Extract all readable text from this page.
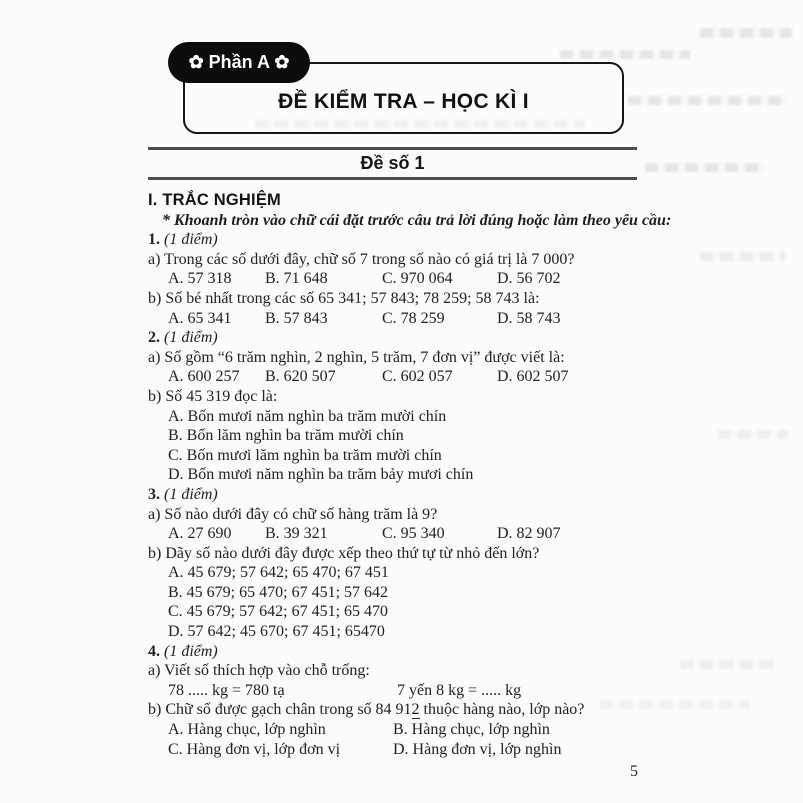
✿ Phần A ✿
ĐỀ KIỂM TRA – HỌC KÌ I
Đề số 1
I. TRẮC NGHIỆM
* Khoanh tròn vào chữ cái đặt trước câu trả lời đúng hoặc làm theo yêu cầu:
1. (1 điểm)
a) Trong các số dưới đây, chữ số 7 trong số nào có giá trị là 7 000?
A. 57 318 B. 71 648	C. 970 064	D. 56 702
b) Số bé nhất trong các số 65 341; 57 843; 78 259; 58 743 là:
A. 65 341 B. 57 843	C. 78 259	D. 58 743
2. (1 điểm)
a) Số gồm “6 trăm nghìn, 2 nghìn, 5 trăm, 7 đơn vị” được viết là:
A. 600 257 B. 620 507	C. 602 057	D. 602 507
b) Số 45 319 đọc là:
A. Bốn mươi năm nghìn ba trăm mười chín
B. Bốn lăm nghìn ba trăm mười chín
C. Bốn mươi lăm nghìn ba trăm mười chín
D. Bốn mươi năm nghìn ba trăm bảy mươi chín
3. (1 điểm)
a) Số nào dưới đây có chữ số hàng trăm là 9?
A. 27 690 B. 39 321	C. 95 340	D. 82 907
b) Dãy số nào dưới đây được xếp theo thứ tự từ nhỏ đến lớn?
A. 45 679; 57 642; 65 470; 67 451
B. 45 679; 65 470; 67 451; 57 642
C. 45 679; 57 642; 67 451; 65 470
D. 57 642; 45 670; 67 451; 65470
4. (1 điểm)
a) Viết số thích hợp vào chỗ trống:
78 ..... kg = 780 tạ	7 yến 8 kg = ..... kg
b) Chữ số được gạch chân trong số 84 912 thuộc hàng nào, lớp nào?
A. Hàng chục, lớp nghìn	B. Hàng chục, lớp nghìn
C. Hàng đơn vị, lớp đơn vị	D. Hàng đơn vị, lớp nghìn
5
